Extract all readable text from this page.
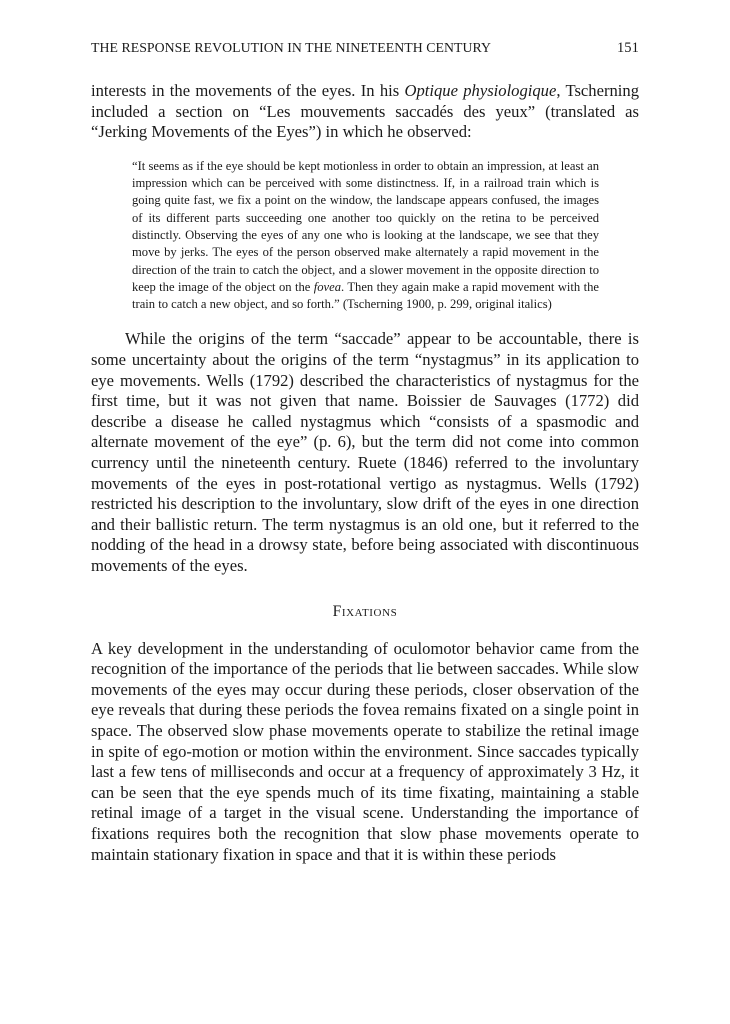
THE RESPONSE REVOLUTION IN THE NINETEENTH CENTURY	151

interests in the movements of the eyes. In his Optique physiologique, Tscherning included a section on “Les mouvements saccadés des yeux” (translated as “Jerking Movements of the Eyes”) in which he observed:

“It seems as if the eye should be kept motionless in order to obtain an impression, at least an impression which can be perceived with some distinctness. If, in a railroad train which is going quite fast, we fix a point on the window, the landscape appears confused, the images of its different parts succeeding one another too quickly on the retina to be perceived distinctly. Observing the eyes of any one who is looking at the landscape, we see that they move by jerks. The eyes of the person observed make alternately a rapid movement in the direction of the train to catch the object, and a slower movement in the opposite direction to keep the image of the object on the fovea. Then they again make a rapid movement with the train to catch a new object, and so forth.” (Tscherning 1900, p. 299, original italics)

While the origins of the term “saccade” appear to be accountable, there is some uncertainty about the origins of the term “nystagmus” in its application to eye movements. Wells (1792) described the characteristics of nystagmus for the first time, but it was not given that name. Boissier de Sauvages (1772) did describe a disease he called nystagmus which “consists of a spasmodic and alternate movement of the eye” (p. 6), but the term did not come into common currency until the nineteenth century. Ruete (1846) referred to the involuntary movements of the eyes in post-rotational vertigo as nystagmus. Wells (1792) restricted his description to the involuntary, slow drift of the eyes in one direction and their ballistic return. The term nystagmus is an old one, but it referred to the nodding of the head in a drowsy state, before being associated with discontinuous movements of the eyes.

Fixations

A key development in the understanding of oculomotor behavior came from the recognition of the importance of the periods that lie between saccades. While slow movements of the eyes may occur during these periods, closer observation of the eye reveals that during these periods the fovea remains fixated on a single point in space. The observed slow phase movements operate to stabilize the retinal image in spite of ego-motion or motion within the environment. Since saccades typically last a few tens of milliseconds and occur at a frequency of approximately 3 Hz, it can be seen that the eye spends much of its time fixating, maintaining a stable retinal image of a target in the visual scene. Understanding the importance of fixations requires both the recognition that slow phase movements operate to maintain stationary fixation in space and that it is within these periods
